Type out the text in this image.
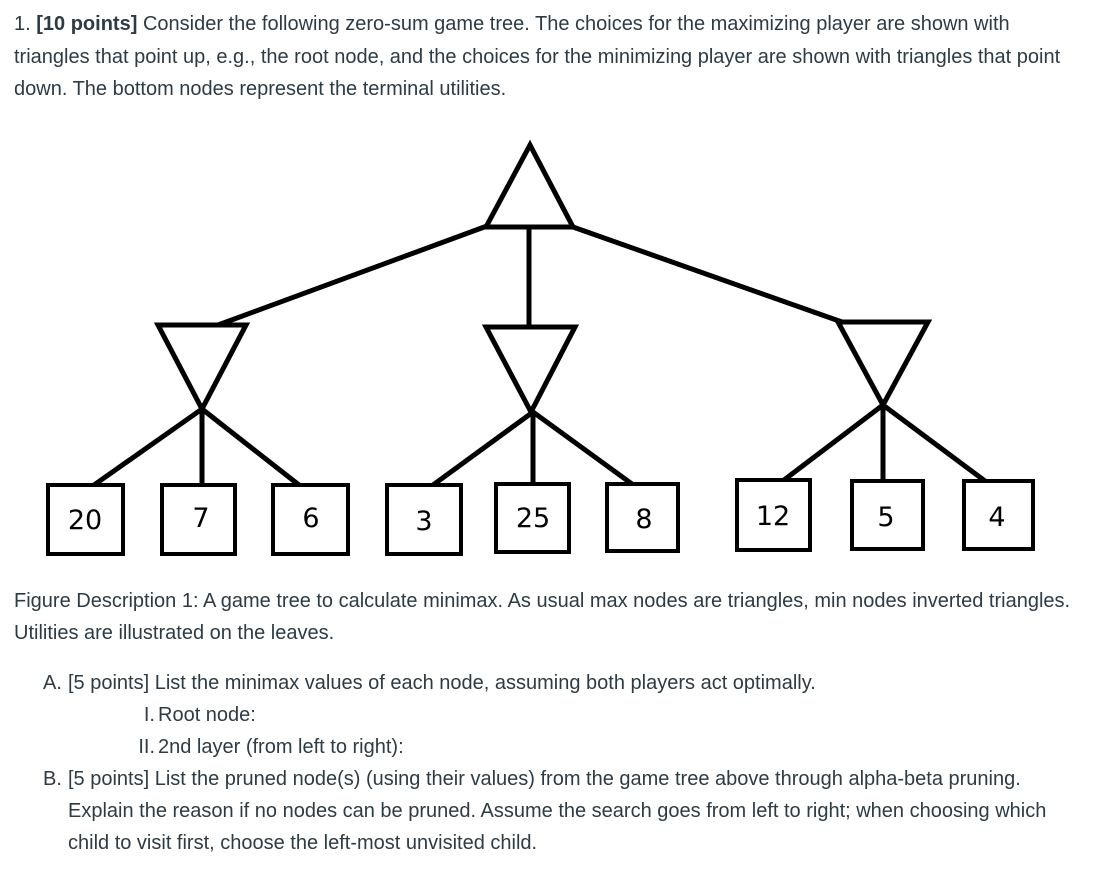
1. [10 points] Consider the following zero-sum game tree. The choices for the maximizing player are shown with triangles that point up, e.g., the root node, and the choices for the minimizing player are shown with triangles that point down. The bottom nodes represent the terminal utilities.

20	7	6	3	25	8	12	5	4

Figure Description 1: A game tree to calculate minimax. As usual max nodes are triangles, min nodes inverted triangles. Utilities are illustrated on the leaves.

A. [5 points] List the minimax values of each node, assuming both players act optimally.
I. Root node:
II. 2nd layer (from left to right):
B. [5 points] List the pruned node(s) (using their values) from the game tree above through alpha-beta pruning. Explain the reason if no nodes can be pruned. Assume the search goes from left to right; when choosing which child to visit first, choose the left-most unvisited child.
